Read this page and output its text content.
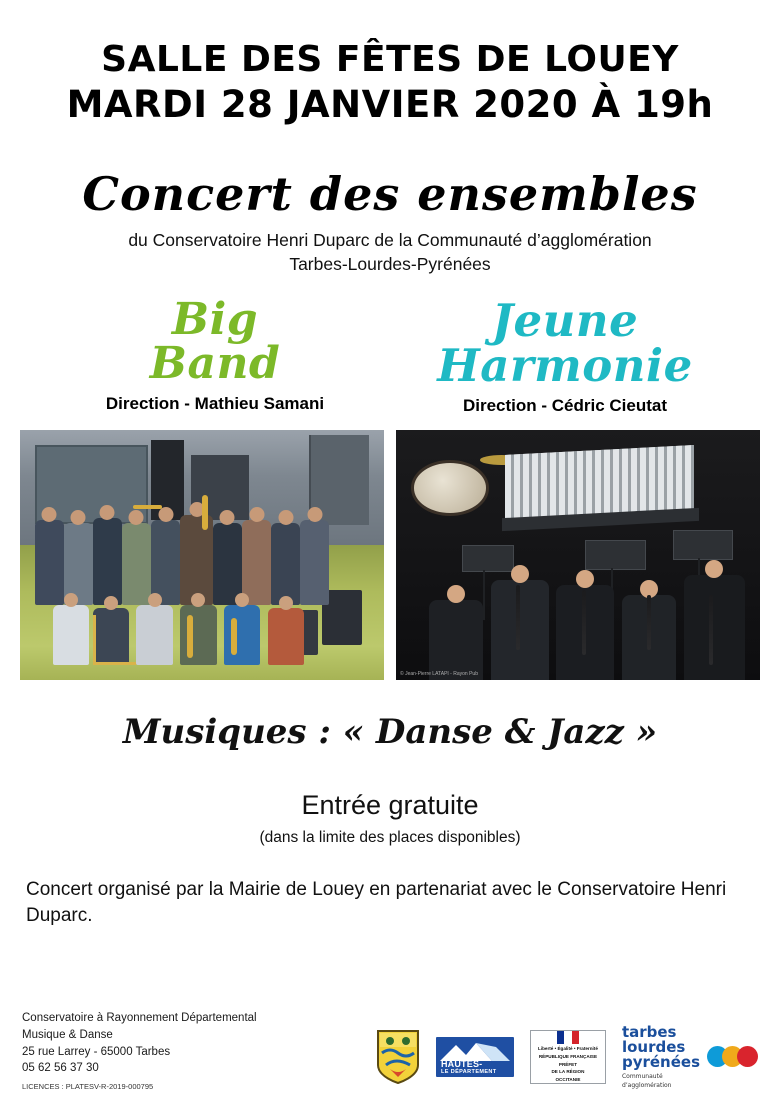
SALLE DES FÊTES DE LOUEY
MARDI 28 JANVIER 2020 À 19h
Concert des ensembles
du Conservatoire Henri Duparc de la Communauté d’agglomération
Tarbes-Lourdes-Pyrénées
Big
Band
Direction - Mathieu Samani
Jeune
Harmonie
Direction - Cédric Cieutat
© Jean-Pierre LATAPI - Rayon Pub
Musiques : « Danse & Jazz »
Entrée gratuite
(dans la limite des places disponibles)
Concert organisé par la Mairie de Louey en partenariat avec le Conservatoire Henri Duparc.
Conservatoire à Rayonnement Départemental
Musique & Danse
25 rue Larrey - 65000 Tarbes
05 62 56 37 30
LICENCES : PLATESV-R-2019-000795
HAUTES-
LE DÉPARTEMENT
Liberté • Égalité • Fraternité
RÉPUBLIQUE FRANÇAISE
PRÉFET
DE LA RÉGION
OCCITANIE
tarbes
lourdes
pyrénées
Communauté
d’agglomération
